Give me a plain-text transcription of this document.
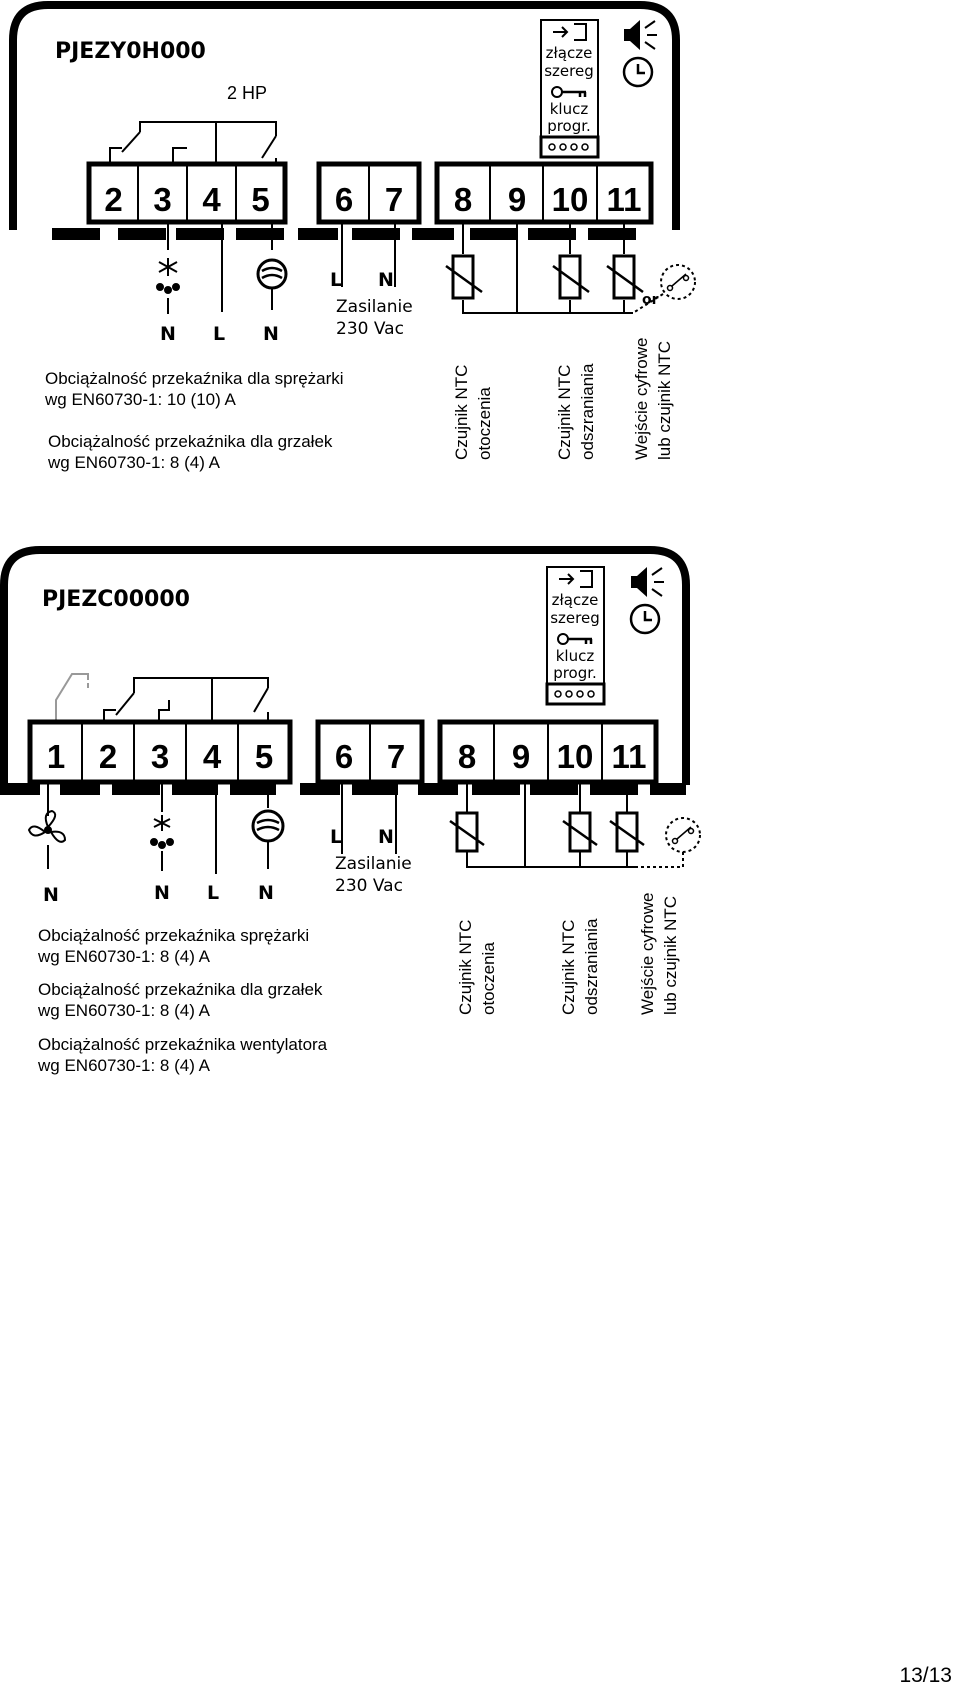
PJEZY0H000	złącze
szereg
klucz
progr.
2 HP
2 3 4 5 6 7 8 9 10 11
N L N
L N
Zasilanie
230 Vac
or
Obciążalność przekaźnika dla sprężarki
wg EN60730-1: 10 (10) A
Obciążalność przekaźnika dla grzałek
wg EN60730-1: 8 (4) A
Czujnik NTC otoczenia	Czujnik NTC odszraniania Wejście cyfrowe lub czujnik NTC
PJEZC00000	złącze
szereg
klucz
progr.
1 2 3 4 5 6 7 8 9 10 11
N	N L N
L N
Zasilanie
230 Vac
Obciążalność przekaźnika sprężarki
wg EN60730-1: 8 (4) A
Obciążalność przekaźnika dla grzałek
wg EN60730-1: 8 (4) A
Obciążalność przekaźnika wentylatora
wg EN60730-1: 8 (4) A
Czujnik NTC otoczenia	Czujnik NTC odszraniania Wejście cyfrowe lub czujnik NTC
13/13
